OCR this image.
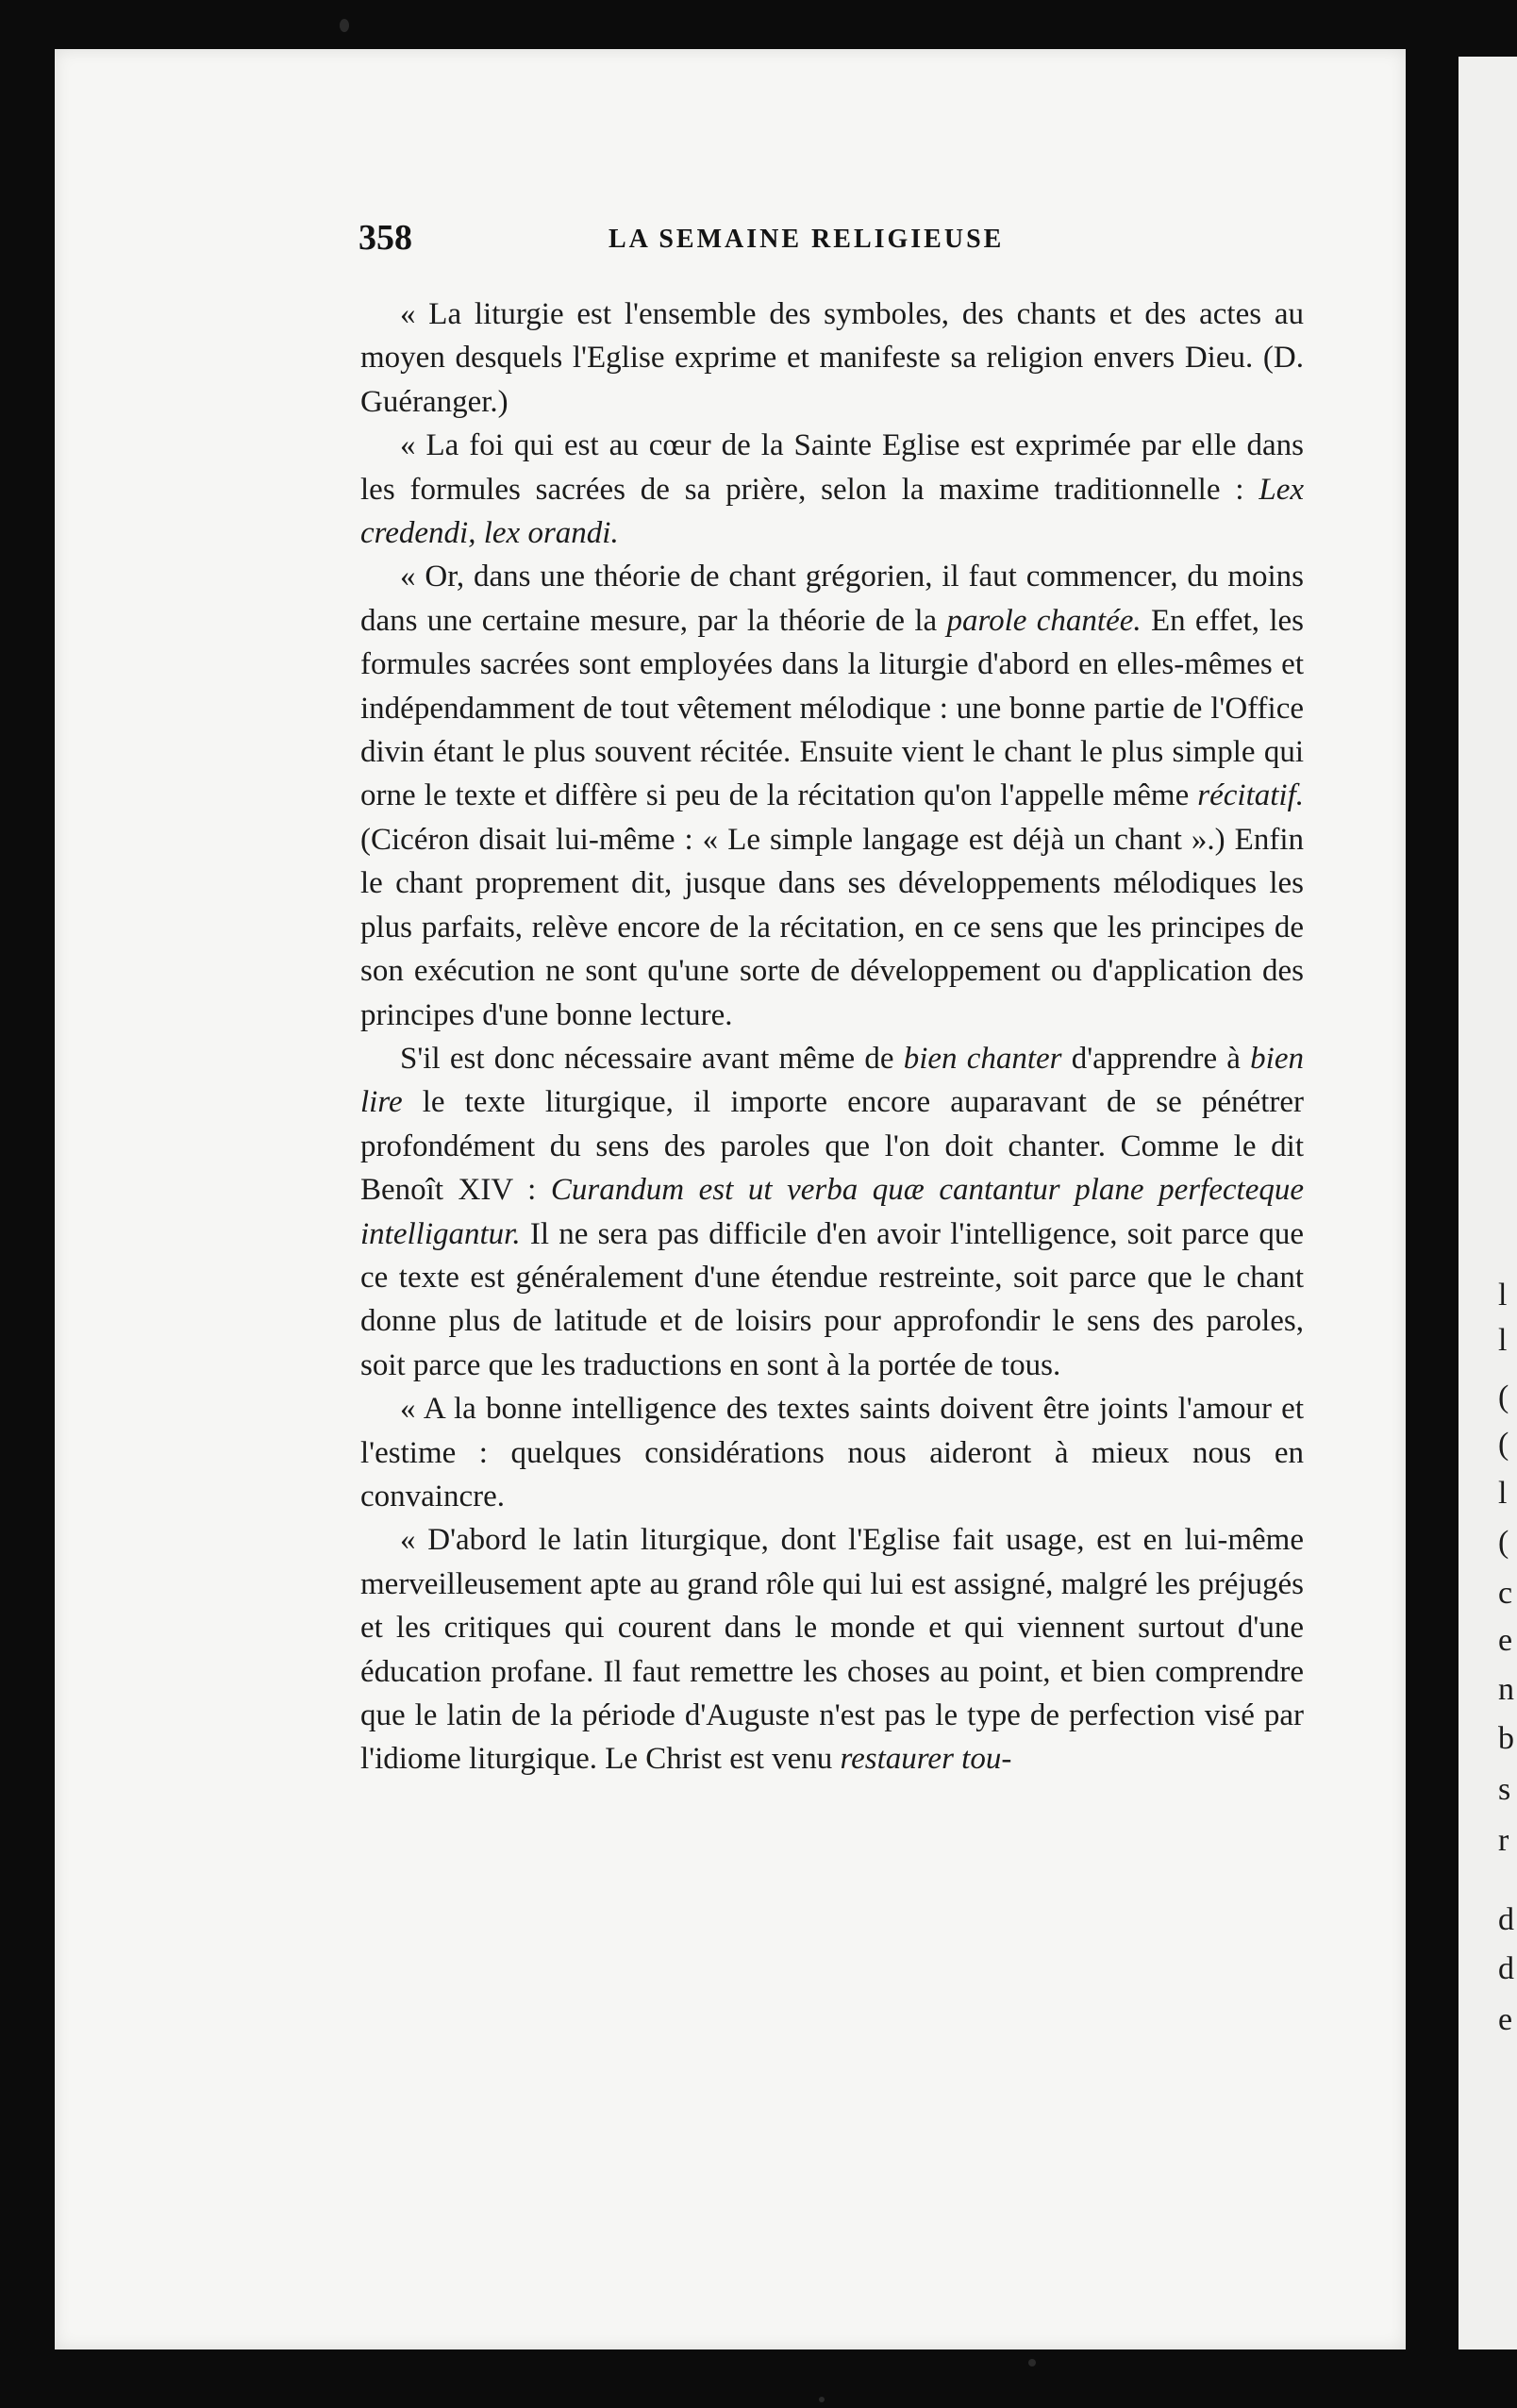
l
l
(
(
l
(
c
e
n
b
s
r
d
d
e
358	LA SEMAINE RELIGIEUSE

« La liturgie est l'ensemble des symboles, des chants et des actes au moyen desquels l'Eglise exprime et manifeste sa religion envers Dieu. (D. Guéranger.)

« La foi qui est au cœur de la Sainte Eglise est exprimée par elle dans les formules sacrées de sa prière, selon la maxime traditionnelle : Lex credendi, lex orandi.

« Or, dans une théorie de chant grégorien, il faut commencer, du moins dans une certaine mesure, par la théorie de la parole chantée. En effet, les formules sacrées sont employées dans la liturgie d'abord en elles-mêmes et indépendamment de tout vêtement mélodique : une bonne partie de l'Office divin étant le plus souvent récitée. Ensuite vient le chant le plus simple qui orne le texte et diffère si peu de la récitation qu'on l'appelle même récitatif. (Cicéron disait lui-même : « Le simple langage est déjà un chant ».) Enfin le chant proprement dit, jusque dans ses développements mélodiques les plus parfaits, relève encore de la récitation, en ce sens que les principes de son exécution ne sont qu'une sorte de développement ou d'application des principes d'une bonne lecture.

S'il est donc nécessaire avant même de bien chanter d'apprendre à bien lire le texte liturgique, il importe encore auparavant de se pénétrer profondément du sens des paroles que l'on doit chanter. Comme le dit Benoît XIV : Curandum est ut verba quæ cantantur plane perfecteque intelligantur. Il ne sera pas difficile d'en avoir l'intelligence, soit parce que ce texte est généralement d'une étendue restreinte, soit parce que le chant donne plus de latitude et de loisirs pour approfondir le sens des paroles, soit parce que les traductions en sont à la portée de tous.

« A la bonne intelligence des textes saints doivent être joints l'amour et l'estime : quelques considérations nous aideront à mieux nous en convaincre.

« D'abord le latin liturgique, dont l'Eglise fait usage, est en lui-même merveilleusement apte au grand rôle qui lui est assigné, malgré les préjugés et les critiques qui courent dans le monde et qui viennent surtout d'une éducation profane. Il faut remettre les choses au point, et bien comprendre que le latin de la période d'Auguste n'est pas le type de perfection visé par l'idiome liturgique. Le Christ est venu restaurer tou-
